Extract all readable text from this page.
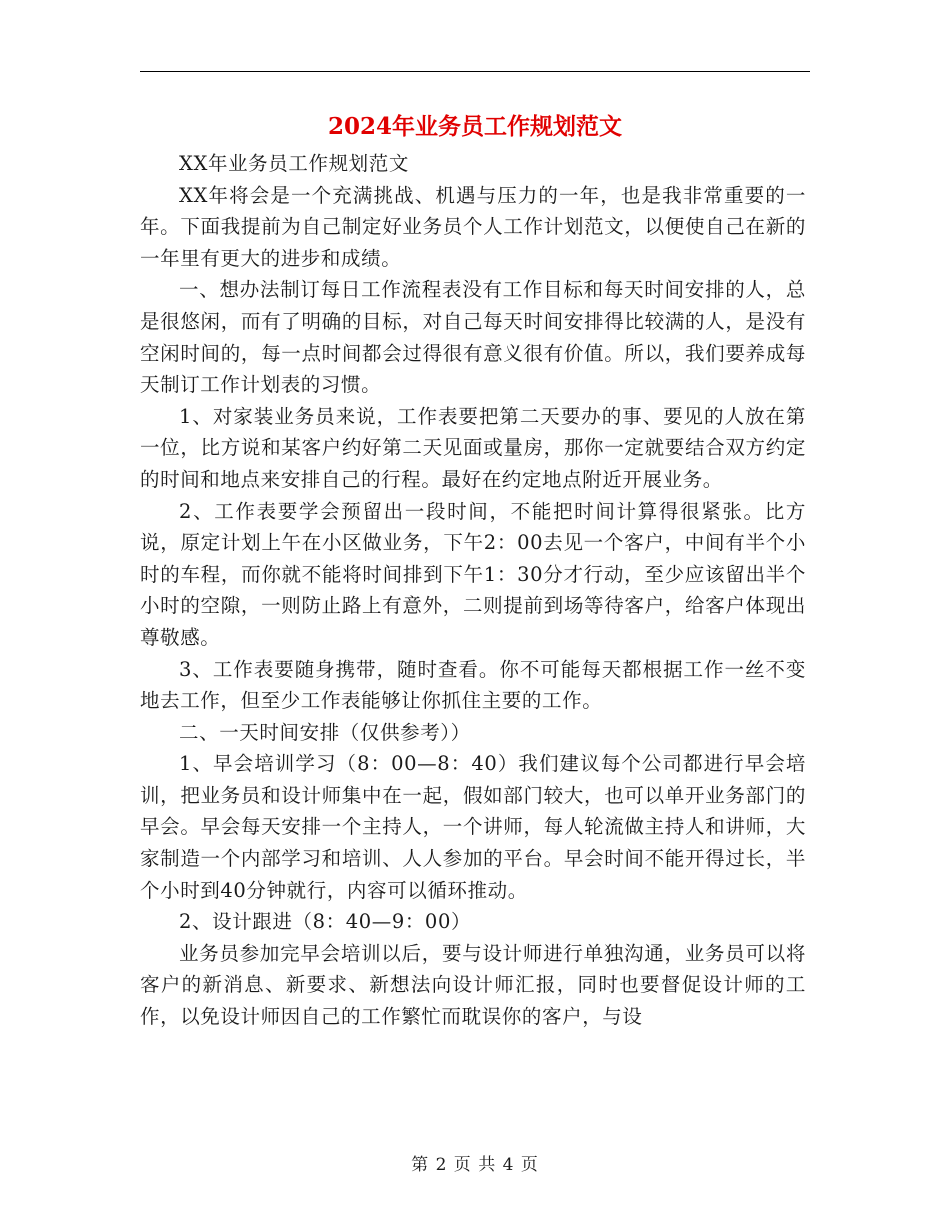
2024年业务员工作规划范文

XX年业务员工作规划范文

XX年将会是一个充满挑战、机遇与压力的一年，也是我非常重要的一年。下面我提前为自己制定好业务员个人工作计划范文，以便使自己在新的一年里有更大的进步和成绩。

一、想办法制订每日工作流程表没有工作目标和每天时间安排的人，总是很悠闲，而有了明确的目标，对自己每天时间安排得比较满的人，是没有空闲时间的，每一点时间都会过得很有意义很有价值。所以，我们要养成每天制订工作计划表的习惯。

1、对家装业务员来说，工作表要把第二天要办的事、要见的人放在第一位，比方说和某客户约好第二天见面或量房，那你一定就要结合双方约定的时间和地点来安排自己的行程。最好在约定地点附近开展业务。

2、工作表要学会预留出一段时间，不能把时间计算得很紧张。比方说，原定计划上午在小区做业务，下午2：00去见一个客户，中间有半个小时的车程，而你就不能将时间排到下午1：30分才行动，至少应该留出半个小时的空隙，一则防止路上有意外，二则提前到场等待客户，给客户体现出尊敬感。

3、工作表要随身携带，随时查看。你不可能每天都根据工作一丝不变地去工作，但至少工作表能够让你抓住主要的工作。

二、一天时间安排（仅供参考））

1、早会培训学习（8：00—8：40）我们建议每个公司都进行早会培训，把业务员和设计师集中在一起，假如部门较大，也可以单开业务部门的早会。早会每天安排一个主持人，一个讲师，每人轮流做主持人和讲师，大家制造一个内部学习和培训、人人参加的平台。早会时间不能开得过长，半个小时到40分钟就行，内容可以循环推动。

2、设计跟进（8：40—9：00）

业务员参加完早会培训以后，要与设计师进行单独沟通，业务员可以将客户的新消息、新要求、新想法向设计师汇报，同时也要督促设计师的工作，以免设计师因自己的工作繁忙而耽误你的客户，与设

第 2 页 共 4 页
